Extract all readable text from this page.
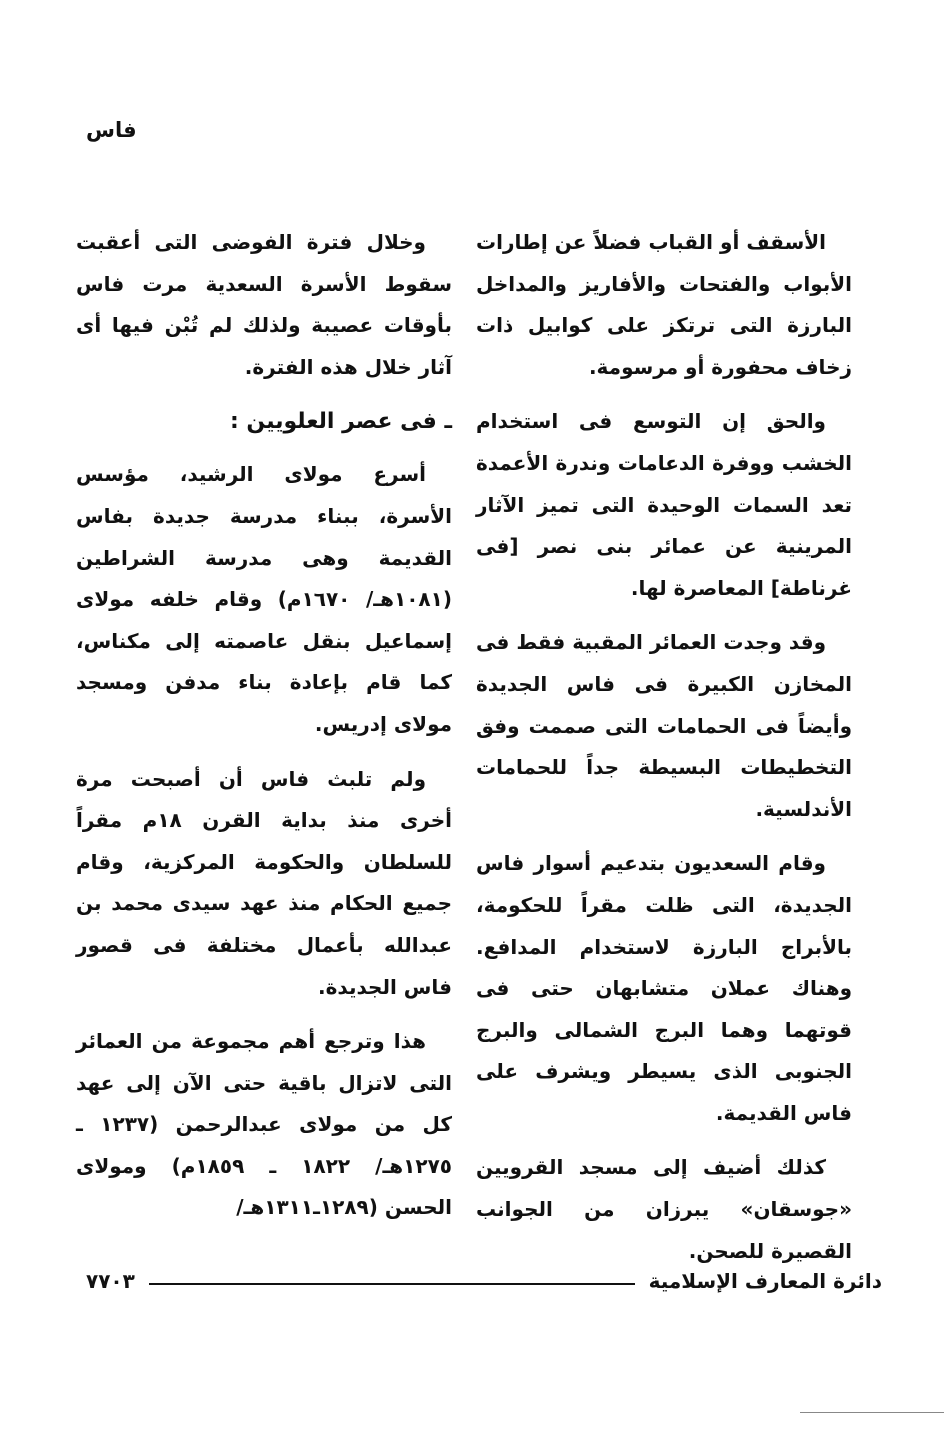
فاس

الأسقف أو القباب فضلاً عن إطارات الأبواب والفتحات والأفاريز والمداخل البارزة التى ترتكز على كوابيل ذات زخاف محفورة أو مرسومة.

والحق إن التوسع فى استخدام الخشب ووفرة الدعامات وندرة الأعمدة تعد السمات الوحيدة التى تميز الآثار المرينية عن عمائر بنى نصر [فى غرناطة] المعاصرة لها.

وقد وجدت العمائر المقبية فقط فى المخازن الكبيرة فى فاس الجديدة وأيضاً فى الحمامات التى صممت وفق التخطيطات البسيطة جداً للحمامات الأندلسية.

وقام السعديون بتدعيم أسوار فاس الجديدة، التى ظلت مقراً للحكومة، بالأبراج البارزة لاستخدام المدافع. وهناك عملان متشابهان حتى فى قوتهما وهما البرج الشمالى والبرج الجنوبى الذى يسيطر ويشرف على فاس القديمة.

كذلك أضيف إلى مسجد القرويين «جوسقان» يبرزان من الجوانب القصيرة للصحن.

وخلال فترة الفوضى التى أعقبت سقوط الأسرة السعدية مرت فاس بأوقات عصيبة ولذلك لم تُبْن فيها أى آثار خلال هذه الفترة.

ـ فى عصر العلويين :

أسرع مولاى الرشيد، مؤسس الأسرة، ببناء مدرسة جديدة بفاس القديمة وهى مدرسة الشراطين (١٠٨١هـ/ ١٦٧٠م) وقام خلفه مولاى إسماعيل بنقل عاصمته إلى مكناس، كما قام بإعادة بناء مدفن ومسجد مولاى إدريس.

ولم تلبث فاس أن أصبحت مرة أخرى منذ بداية القرن ١٨م مقراً للسلطان والحكومة المركزية، وقام جميع الحكام منذ عهد سيدى محمد بن عبدالله بأعمال مختلفة فى قصور فاس الجديدة.

هذا وترجع أهم مجموعة من العمائر التى لاتزال باقية حتى الآن إلى عهد كل من مولاى عبدالرحمن (١٢٣٧ ـ ١٢٧٥هـ/ ١٨٢٢ ـ ١٨٥٩م) ومولاى الحسن (١٢٨٩ـ١٣١١هـ/

دائرة المعارف الإسلامية
٧٧٠٣
